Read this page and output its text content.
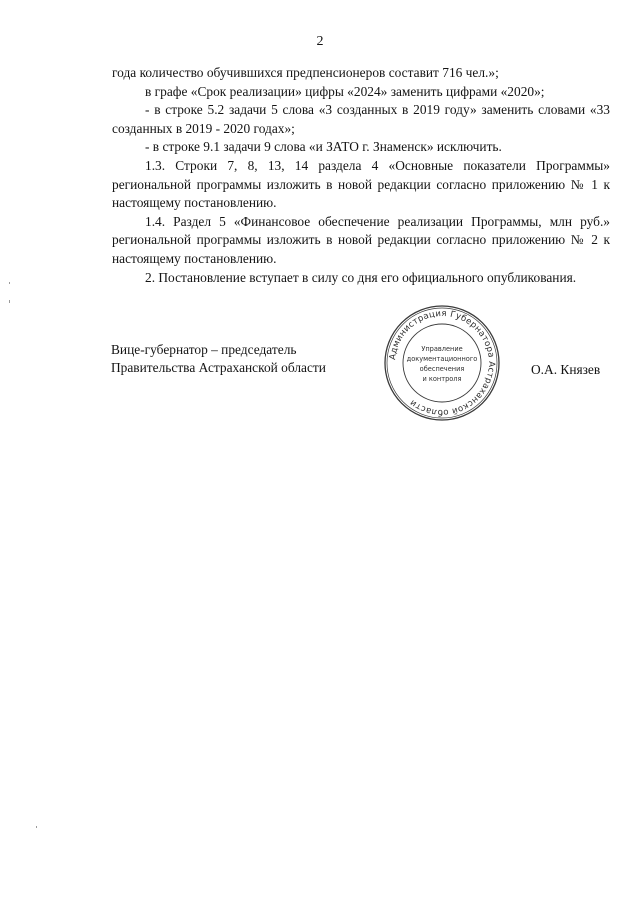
2

года количество обучившихся предпенсионеров составит 716 чел.»;

в графе «Срок реализации» цифры «2024» заменить цифрами «2020»;

- в строке 5.2 задачи 5 слова «3 созданных в 2019 году» заменить словами «33 созданных в 2019 - 2020 годах»;

- в строке 9.1 задачи 9 слова «и ЗАТО г. Знаменск» исключить.

1.3. Строки 7, 8, 13, 14 раздела 4 «Основные показатели Программы» региональной программы изложить в новой редакции согласно приложению № 1 к настоящему постановлению.

1.4. Раздел 5 «Финансовое обеспечение реализации Программы, млн руб.» региональной программы изложить в новой редакции согласно приложению № 2 к настоящему постановлению.

2. Постановление вступает в силу со дня его официального опубликования.

Вице-губернатор – председатель
Правительства Астраханской области
Администрация Губернатора Астраханской области
Управление
документационного
обеспечения
и контроля
О.А. Князев
